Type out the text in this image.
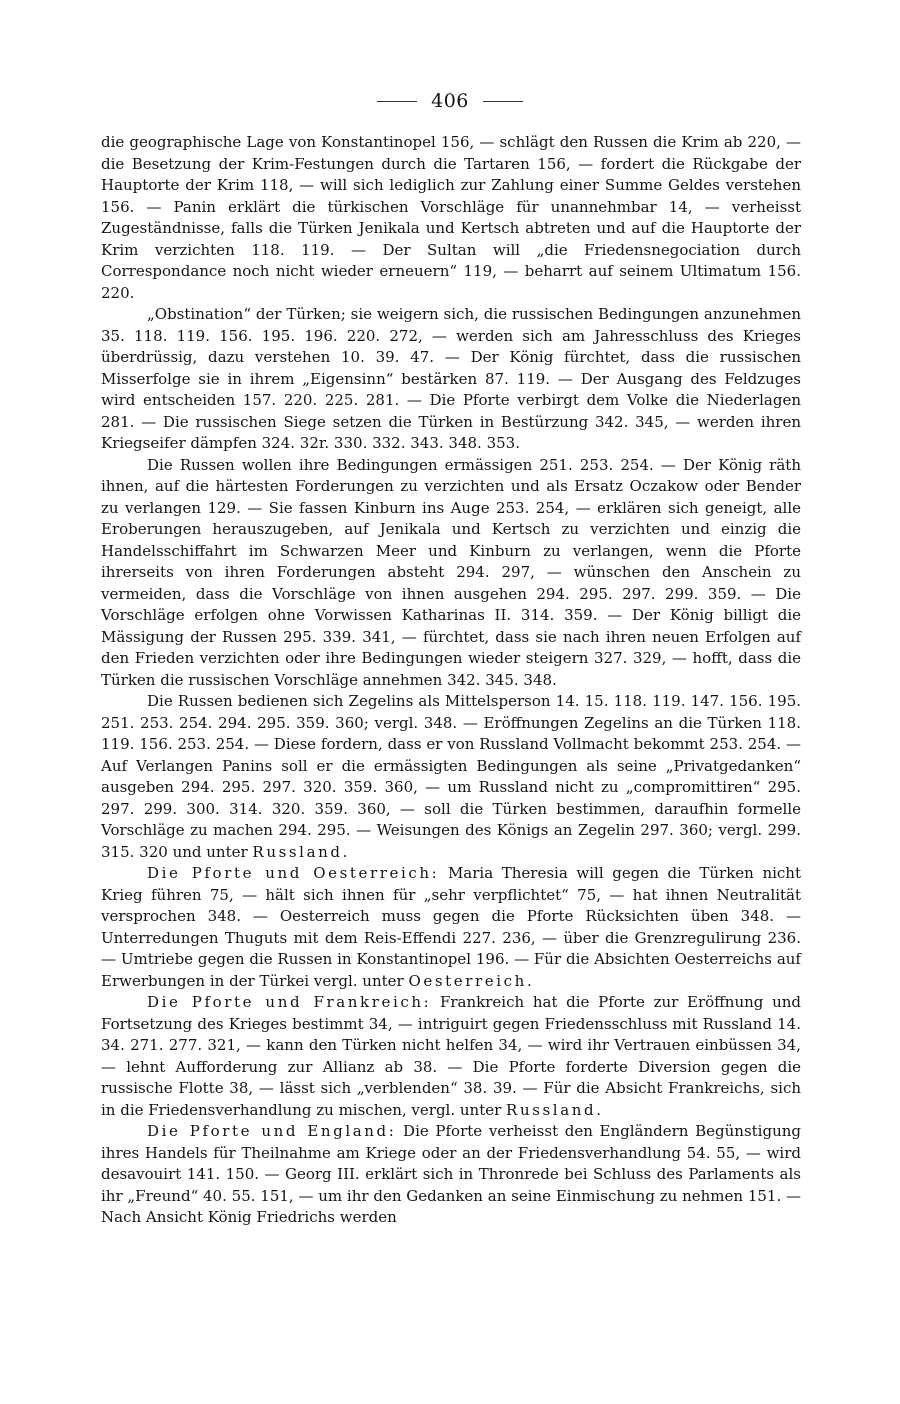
406

die geographische Lage von Konstantinopel 156, — schlägt den Russen die Krim ab 220, — die Besetzung der Krim-Festungen durch die Tartaren 156, — fordert die Rückgabe der Hauptorte der Krim 118, — will sich lediglich zur Zahlung einer Summe Geldes verstehen 156. — Panin erklärt die türkischen Vorschläge für unannehmbar 14, — verheisst Zugeständnisse, falls die Türken Jenikala und Kertsch abtreten und auf die Hauptorte der Krim verzichten 118. 119. — Der Sultan will „die Friedensnegociation durch Correspondance noch nicht wieder erneuern“ 119, — beharrt auf seinem Ultimatum 156. 220.

„Obstination“ der Türken; sie weigern sich, die russischen Bedingungen anzunehmen 35. 118. 119. 156. 195. 196. 220. 272, — werden sich am Jahresschluss des Krieges überdrüssig, dazu verstehen 10. 39. 47. — Der König fürchtet, dass die russischen Misserfolge sie in ihrem „Eigensinn“ bestärken 87. 119. — Der Ausgang des Feldzuges wird entscheiden 157. 220. 225. 281. — Die Pforte verbirgt dem Volke die Niederlagen 281. — Die russischen Siege setzen die Türken in Bestürzung 342. 345, — werden ihren Kriegseifer dämpfen 324. 32r. 330. 332. 343. 348. 353.

Die Russen wollen ihre Bedingungen ermässigen 251. 253. 254. — Der König räth ihnen, auf die härtesten Forderungen zu verzichten und als Ersatz Oczakow oder Bender zu verlangen 129. — Sie fassen Kinburn ins Auge 253. 254, — erklären sich geneigt, alle Eroberungen herauszugeben, auf Jenikala und Kertsch zu verzichten und einzig die Handelsschiffahrt im Schwarzen Meer und Kinburn zu verlangen, wenn die Pforte ihrerseits von ihren Forderungen absteht 294. 297, — wünschen den Anschein zu vermeiden, dass die Vorschläge von ihnen ausgehen 294. 295. 297. 299. 359. — Die Vorschläge erfolgen ohne Vorwissen Katharinas II. 314. 359. — Der König billigt die Mässigung der Russen 295. 339. 341, — fürchtet, dass sie nach ihren neuen Erfolgen auf den Frieden verzichten oder ihre Bedingungen wieder steigern 327. 329, — hofft, dass die Türken die russischen Vorschläge annehmen 342. 345. 348.

Die Russen bedienen sich Zegelins als Mittelsperson 14. 15. 118. 119. 147. 156. 195. 251. 253. 254. 294. 295. 359. 360; vergl. 348. — Eröffnungen Zegelins an die Türken 118. 119. 156. 253. 254. — Diese fordern, dass er von Russland Vollmacht bekommt 253. 254. — Auf Verlangen Panins soll er die ermässigten Bedingungen als seine „Privatgedanken“ ausgeben 294. 295. 297. 320. 359. 360, — um Russland nicht zu „compromittiren“ 295. 297. 299. 300. 314. 320. 359. 360, — soll die Türken bestimmen, daraufhin formelle Vorschläge zu machen 294. 295. — Weisungen des Königs an Zegelin 297. 360; vergl. 299. 315. 320 und unter Russland.

Die Pforte und Oesterreich: Maria Theresia will gegen die Türken nicht Krieg führen 75, — hält sich ihnen für „sehr verpflichtet“ 75, — hat ihnen Neutralität versprochen 348. — Oesterreich muss gegen die Pforte Rücksichten üben 348. — Unterredungen Thuguts mit dem Reis-Effendi 227. 236, — über die Grenzregulirung 236. — Umtriebe gegen die Russen in Konstantinopel 196. — Für die Absichten Oesterreichs auf Erwerbungen in der Türkei vergl. unter Oesterreich.

Die Pforte und Frankreich: Frankreich hat die Pforte zur Eröffnung und Fortsetzung des Krieges bestimmt 34, — intriguirt gegen Friedensschluss mit Russland 14. 34. 271. 277. 321, — kann den Türken nicht helfen 34, — wird ihr Vertrauen einbüssen 34, — lehnt Aufforderung zur Allianz ab 38. — Die Pforte forderte Diversion gegen die russische Flotte 38, — lässt sich „verblenden“ 38. 39. — Für die Absicht Frankreichs, sich in die Friedensverhandlung zu mischen, vergl. unter Russland.

Die Pforte und England: Die Pforte verheisst den Engländern Begünstigung ihres Handels für Theilnahme am Kriege oder an der Friedensverhandlung 54. 55, — wird desavouirt 141. 150. — Georg III. erklärt sich in Thronrede bei Schluss des Parlaments als ihr „Freund“ 40. 55. 151, — um ihr den Gedanken an seine Einmischung zu nehmen 151. — Nach Ansicht König Friedrichs werden
